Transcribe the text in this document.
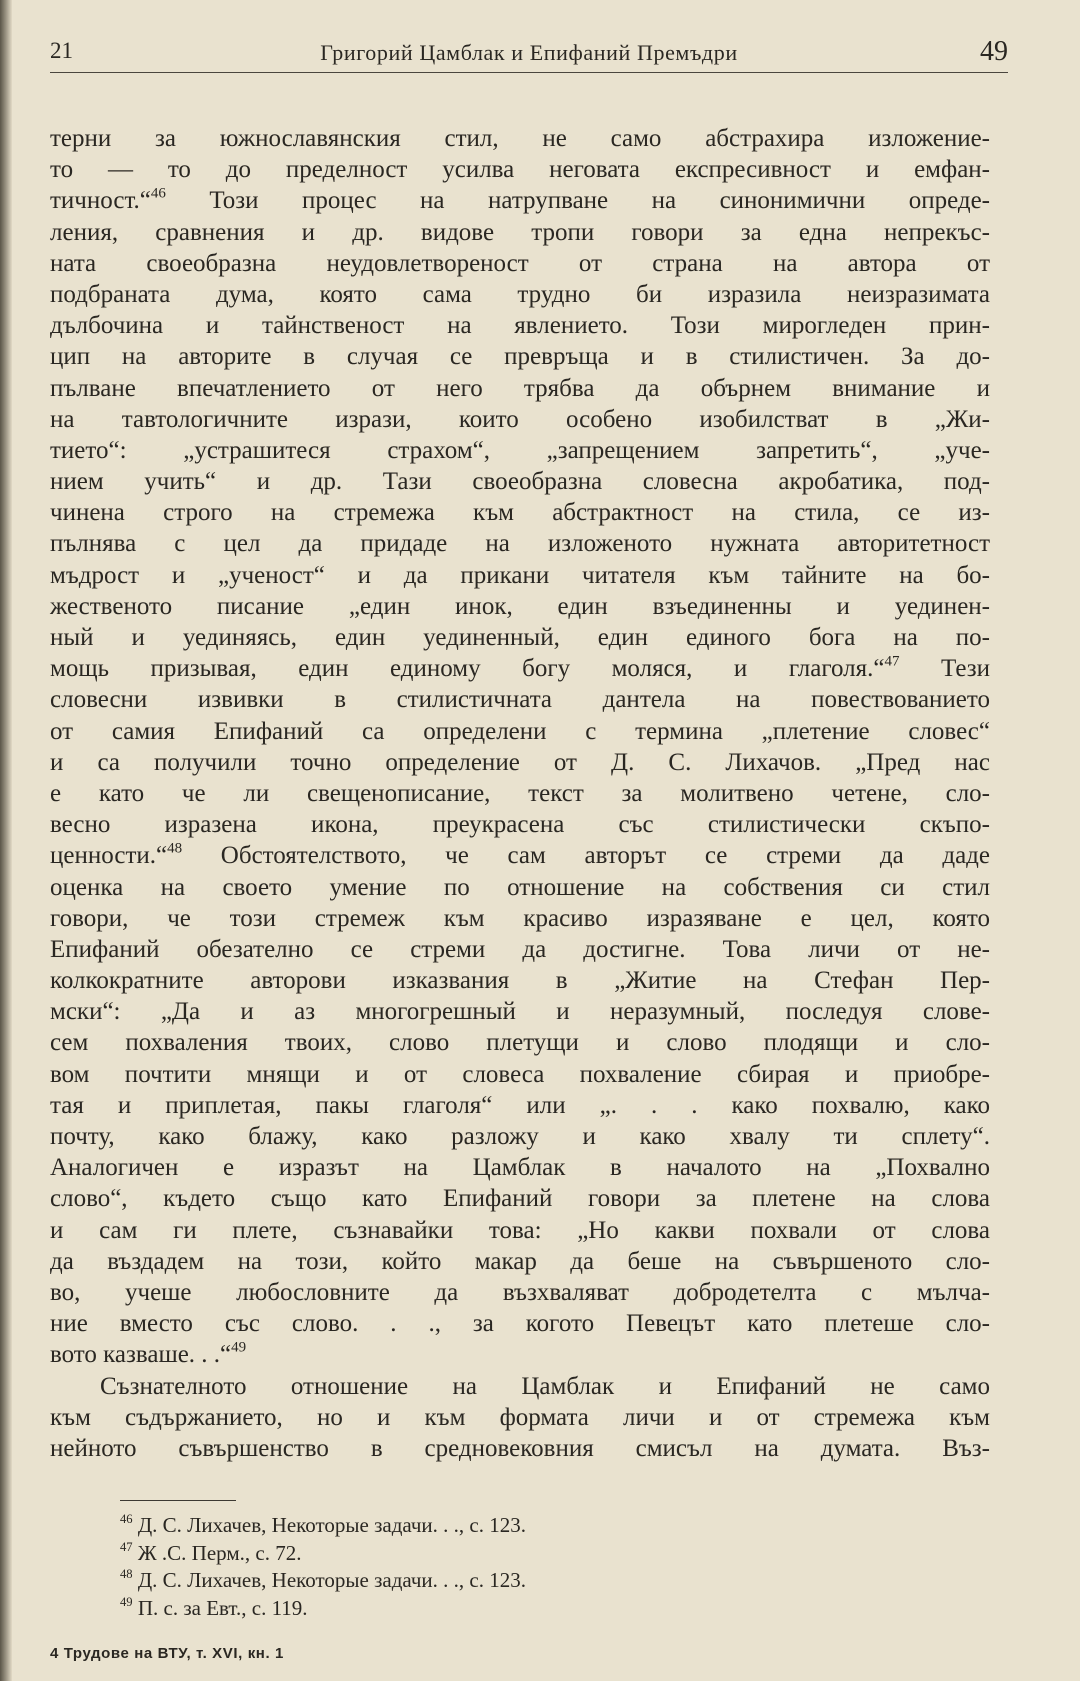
21	Григорий Цамблак и Епифаний Премъдри	49
терни за южнославянския стил, не само абстрахира изложение-
то — то до пределност усилва неговата експресивност и емфан-
тичност.“$^{46}$ Този процес на натрупване на синонимични опреде-
ления, сравнения и др. видове тропи говори за една непрекъс-
ната своеобразна неудовлетвореност от страна на автора от
подбраната дума, която сама трудно би изразила неизразимата
дълбочина и тайнственост на явлението. Този мирогледен прин-
цип на авторите в случая се превръща и в стилистичен. За до-
пълване впечатлението от него трябва да обърнем внимание и
на тавтологичните изрази, които особено изобилстват в „Жи-
тието“: „устрашитеся страхом“, „запрещением запретить“, „уче-
нием учить“ и др. Тази своеобразна словесна акробатика, под-
чинена строго на стремежа към абстрактност на стила, се из-
пълнява с цел да придаде на изложеното нужната авторитетност
мъдрост и „ученост“ и да прикани читателя към тайните на бо-
жественото писание „един инок, един взъединенны и уединен-
ный и уединяясь, един уединенный, един единого бога на по-
мощь призывая, един единому богу моляся, и глаголя.“$^{47}$ Тези
словесни извивки в стилистичната дантела на повествованието
от самия Епифаний са определени с термина „плетение словес“
и са получили точно определение от Д. С. Лихачов. „Пред нас
е като че ли свещенописание, текст за молитвено четене, сло-
весно изразена икона, преукрасена със стилистически скъпо-
ценности.“$^{48}$ Обстоятелството, че сам авторът се стреми да даде
оценка на своето умение по отношение на собствения си стил
говори, че този стремеж към красиво изразяване е цел, която
Епифаний обезателно се стреми да достигне. Това личи от не-
колкократните авторови изказвания в „Житие на Стефан Пер-
мски“: „Да и аз многогрешный и неразумный, последуя слове-
сем похваления твоих, слово плетущи и слово плодящи и сло-
вом почтити мнящи и от словеса похваление сбирая и приобре-
тая и приплетая, пакы глаголя“ или „. . . како похвалю, како
почту, како блажу, како разложу и како хвалу ти сплету“.
Аналогичен е изразът на Цамблак в началото на „Похвално
слово“, където също като Епифаний говори за плетене на слова
и сам ги плете, съзнавайки това: „Но какви похвали от слова
да въздадем на този, който макар да беше на съвършеното сло-
во, учеше любословните да възхваляват добродетелта с мълча-
ние вместо със слово. . ., за когото Певецът като плетеше сло-
вото казваше. . .“$^{49}$
Съзнателното отношение на Цамблак и Епифаний не само
към съдържанието, но и към формата личи и от стремежа към
нейното съвършенство в средновековния смисъл на думата. Въз-
$^{46}$ Д. С. Лихачев, Некоторые задачи. . ., с. 123.
$^{47}$ Ж .С. Перм., с. 72.
$^{48}$ Д. С. Лихачев, Некоторые задачи. . ., с. 123.
$^{49}$ П. с. за Евт., с. 119.
4 Трудове на ВТУ, т. XVI, кн. 1
